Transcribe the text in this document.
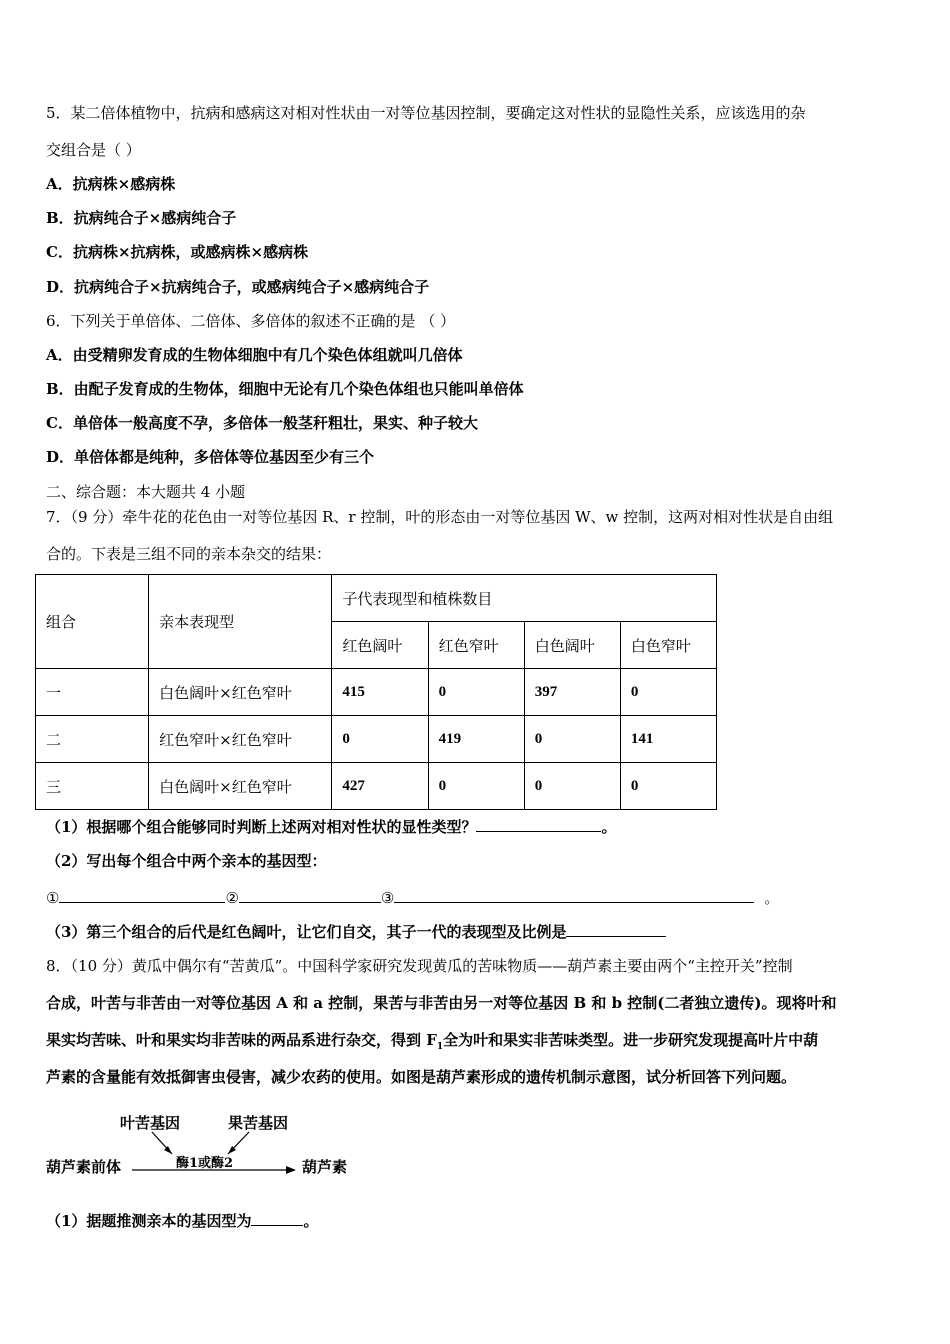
5．某二倍体植物中，抗病和感病这对相对性状由一对等位基因控制，要确定这对性状的显隐性关系，应该选用的杂
交组合是（ ）
A．抗病株×感病株
B．抗病纯合子×感病纯合子
C．抗病株×抗病株，或感病株×感病株
D．抗病纯合子×抗病纯合子，或感病纯合子×感病纯合子
6．下列关于单倍体、二倍体、多倍体的叙述不正确的是 （ ）
A．由受精卵发育成的生物体细胞中有几个染色体组就叫几倍体
B．由配子发育成的生物体，细胞中无论有几个染色体组也只能叫单倍体
C．单倍体一般高度不孕，多倍体一般茎秆粗壮，果实、种子较大
D．单倍体都是纯种，多倍体等位基因至少有三个
二、综合题：本大题共 4 小题
7．（9 分）牵牛花的花色由一对等位基因 R、r 控制，叶的形态由一对等位基因 W、w 控制，这两对相对性状是自由组
合的。下表是三组不同的亲本杂交的结果：
组合	亲本表现型	子代表现型和植株数目			
		红色阔叶	红色窄叶	白色阔叶	白色窄叶
一	白色阔叶×红色窄叶	415	0	397	0
二	红色窄叶×红色窄叶	0	419	0	141
三	白色阔叶×红色窄叶	427	0	0	0
（1）根据哪个组合能够同时判断上述两对相对性状的显性类型？	。
（2）写出每个组合中两个亲本的基因型：
①	②	③	。
（3）第三个组合的后代是红色阔叶，让它们自交，其子一代的表现型及比例是
8．（10 分）黄瓜中偶尔有“苦黄瓜”。中国科学家研究发现黄瓜的苦味物质——葫芦素主要由两个“主控开关”控制
合成，叶苦与非苦由一对等位基因 A 和 a 控制，果苦与非苦由另一对等位基因 B 和 b 控制(二者独立遗传)。现将叶和
果实均苦味、叶和果实均非苦味的两品系进行杂交，得到 $F_1$全为叶和果实非苦味类型。进一步研究发现提高叶片中葫
芦素的含量能有效抵御害虫侵害，减少农药的使用。如图是葫芦素形成的遗传机制示意图，试分析回答下列问题。
叶苦基因	果苦基因
葫芦素前体	酶1或酶2	葫芦素
（1）据题推测亲本的基因型为	。
